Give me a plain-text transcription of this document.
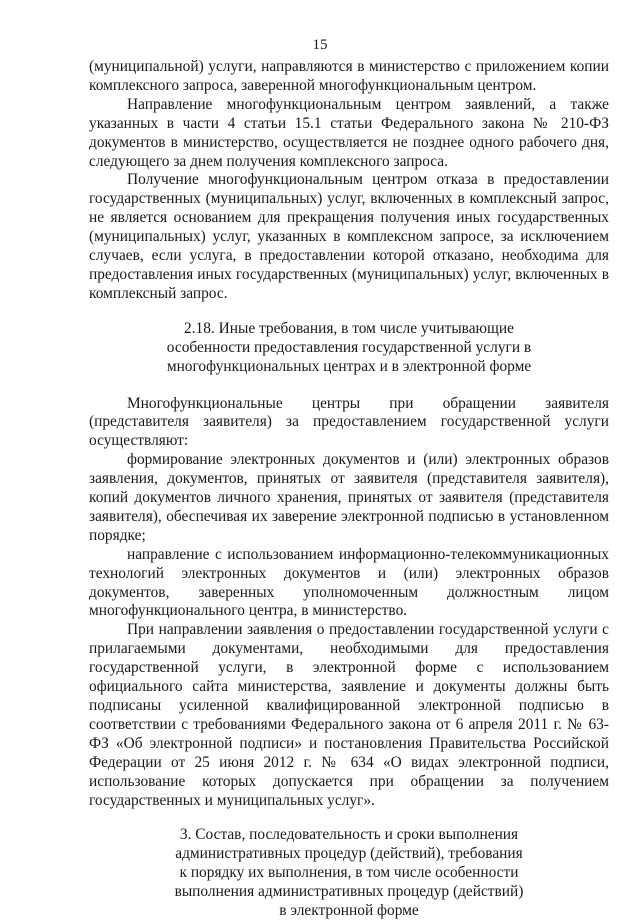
15

(муниципальной) услуги, направляются в министерство с приложением копии комплексного запроса, заверенной многофункциональным центром.

Направление многофункциональным центром заявлений, а также указанных в части 4 статьи 15.1 статьи Федерального закона № 210-ФЗ документов в министерство, осуществляется не позднее одного рабочего дня, следующего за днем получения комплексного запроса.

Получение многофункциональным центром отказа в предоставлении государственных (муниципальных) услуг, включенных в комплексный запрос, не является основанием для прекращения получения иных государственных (муниципальных) услуг, указанных в комплексном запросе, за исключением случаев, если услуга, в предоставлении которой отказано, необходима для предоставления иных государственных (муниципальных) услуг, включенных в комплексный запрос.

2.18. Иные требования, в том числе учитывающие
особенности предоставления государственной услуги в
многофункциональных центрах и в электронной форме

Многофункциональные центры при обращении заявителя (представителя заявителя) за предоставлением государственной услуги осуществляют:

формирование электронных документов и (или) электронных образов заявления, документов, принятых от заявителя (представителя заявителя), копий документов личного хранения, принятых от заявителя (представителя заявителя), обеспечивая их заверение электронной подписью в установленном порядке;

направление с использованием информационно-телекоммуникационных технологий электронных документов и (или) электронных образов документов, заверенных уполномоченным должностным лицом многофункционального центра, в министерство.

При направлении заявления о предоставлении государственной услуги с прилагаемыми документами, необходимыми для предоставления государственной услуги, в электронной форме с использованием официального сайта министерства, заявление и документы должны быть подписаны усиленной квалифицированной электронной подписью в соответствии с требованиями Федерального закона от 6 апреля 2011 г. № 63-ФЗ «Об электронной подписи» и постановления Правительства Российской Федерации от 25 июня 2012 г. № 634 «О видах электронной подписи, использование которых допускается при обращении за получением государственных и муниципальных услуг».

3. Состав, последовательность и сроки выполнения
административных процедур (действий), требования
к порядку их выполнения, в том числе особенности
выполнения административных процедур (действий)
в электронной форме
